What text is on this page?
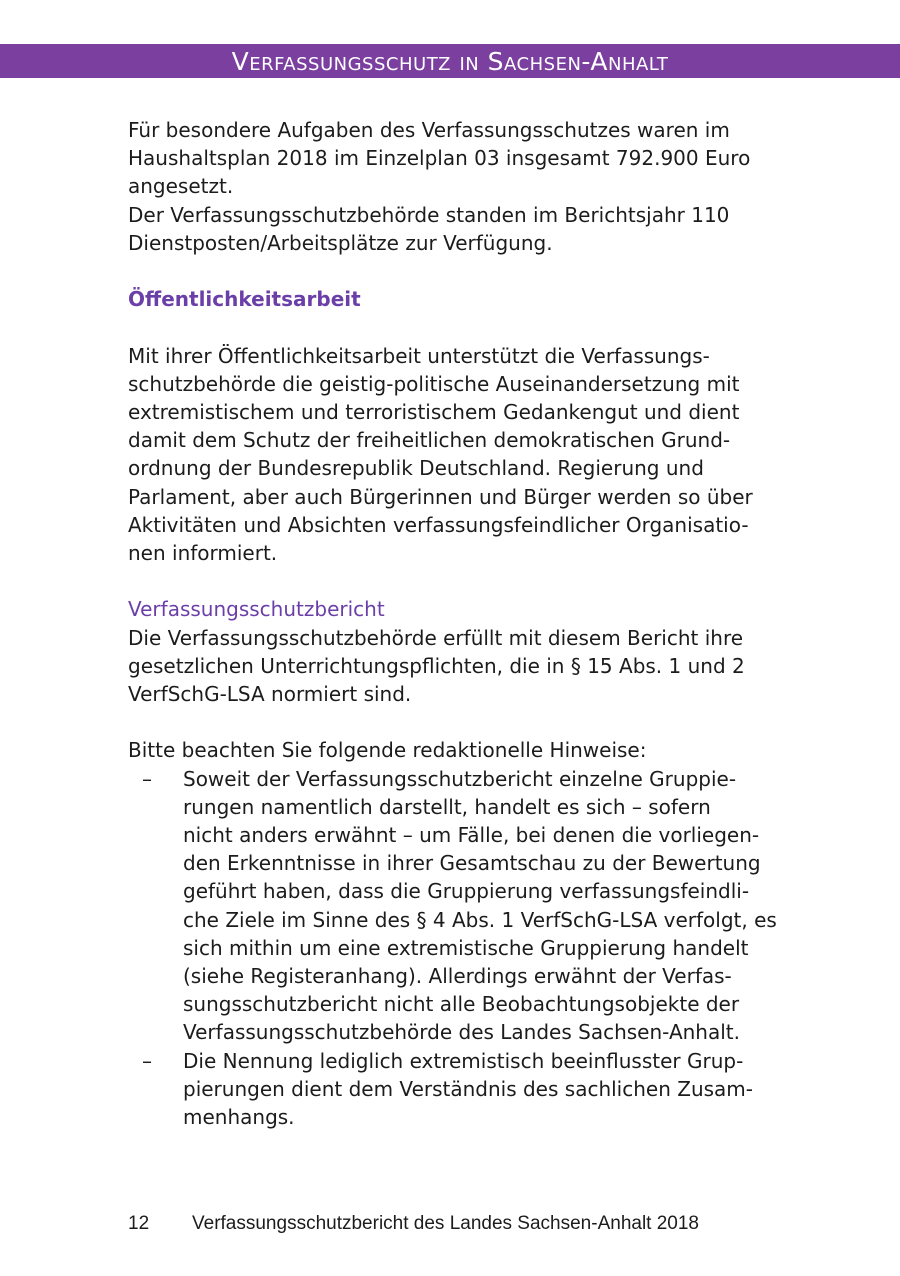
Verfassungsschutz in Sachsen-Anhalt
Für besondere Aufgaben des Verfassungsschutzes waren im
Haushaltsplan 2018 im Einzelplan 03 insgesamt 792.900 Euro
angesetzt.
Der Verfassungsschutzbehörde standen im Berichtsjahr 110
Dienstposten/Arbeitsplätze zur Verfügung.
Öffentlichkeitsarbeit
Mit ihrer Öffentlichkeitsarbeit unterstützt die Verfassungs-
schutzbehörde die geistig-politische Auseinandersetzung mit
extremistischem und terroristischem Gedankengut und dient
damit dem Schutz der freiheitlichen demokratischen Grund-
ordnung der Bundesrepublik Deutschland. Regierung und
Parlament, aber auch Bürgerinnen und Bürger werden so über
Aktivitäten und Absichten verfassungsfeindlicher Organisatio-
nen informiert.
Verfassungsschutzbericht
Die Verfassungsschutzbehörde erfüllt mit diesem Bericht ihre
gesetzlichen Unterrichtungspflichten, die in § 15 Abs. 1 und 2
VerfSchG-LSA normiert sind.
Bitte beachten Sie folgende redaktionelle Hinweise:
– Soweit der Verfassungsschutzbericht einzelne Gruppie-
rungen namentlich darstellt, handelt es sich – sofern
nicht anders erwähnt – um Fälle, bei denen die vorliegen-
den Erkenntnisse in ihrer Gesamtschau zu der Bewertung
geführt haben, dass die Gruppierung verfassungsfeindli-
che Ziele im Sinne des § 4 Abs. 1 VerfSchG-LSA verfolgt, es
sich mithin um eine extremistische Gruppierung handelt
(siehe Registeranhang). Allerdings erwähnt der Verfas-
sungsschutzbericht nicht alle Beobachtungsobjekte der
Verfassungsschutzbehörde des Landes Sachsen-Anhalt.
– Die Nennung lediglich extremistisch beeinflusster Grup-
pierungen dient dem Verständnis des sachlichen Zusam-
menhangs.
12 Verfassungsschutzbericht des Landes Sachsen-Anhalt 2018
